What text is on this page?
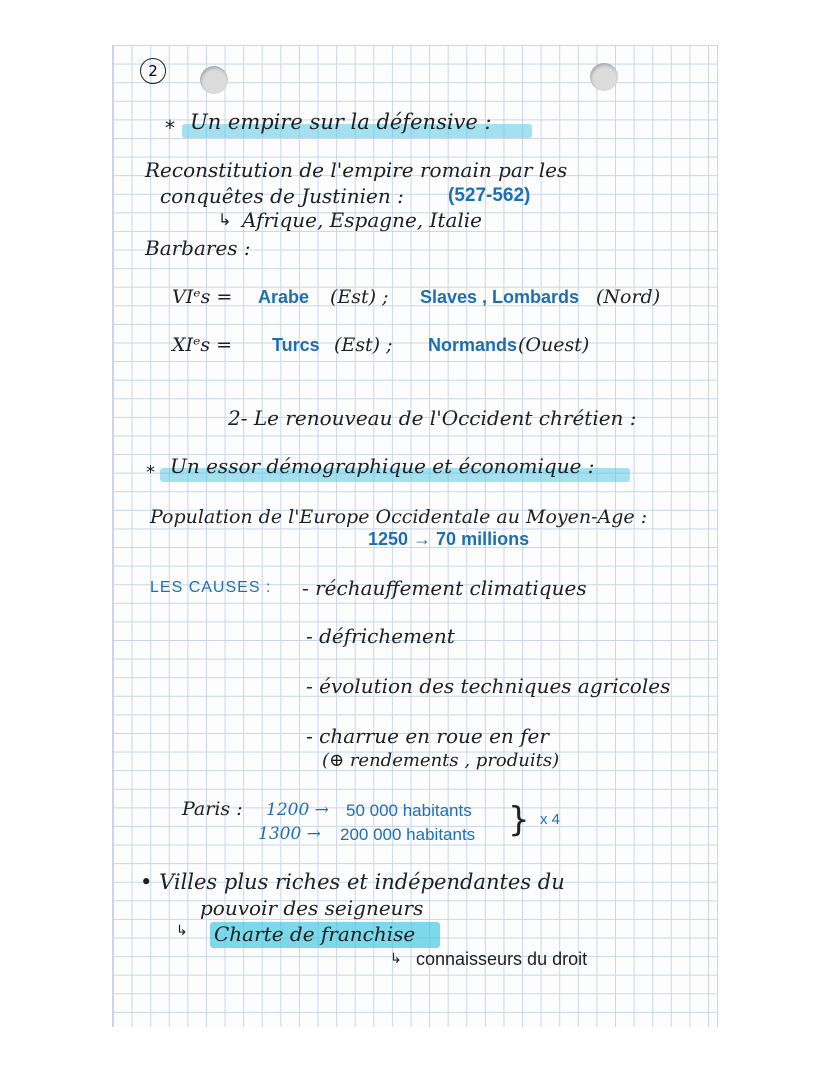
2
* Un empire sur la défensive :
Reconstitution de l'empire romain par les
conquêtes de Justinien : (527-562)
↳ Afrique, Espagne, Italie
Barbares :
VIᵉs = Arabe (Est) ; Slaves , Lombards (Nord)
XIᵉs = Turcs (Est) ; Normands (Ouest)
2- Le renouveau de l'Occident chrétien :
* Un essor démographique et économique :
Population de l'Europe Occidentale au Moyen-Age :
1250 → 70 millions
LES CAUSES : - réchauffement climatiques
- défrichement
- évolution des techniques agricoles
- charrue en roue en fer
(⊕ rendements , produits)
Paris : 1200 → 50 000 habitants
1300 → 200 000 habitants } x 4
• Villes plus riches et indépendantes du
pouvoir des seigneurs
↳ Charte de franchise
↳ connaisseurs du droit
